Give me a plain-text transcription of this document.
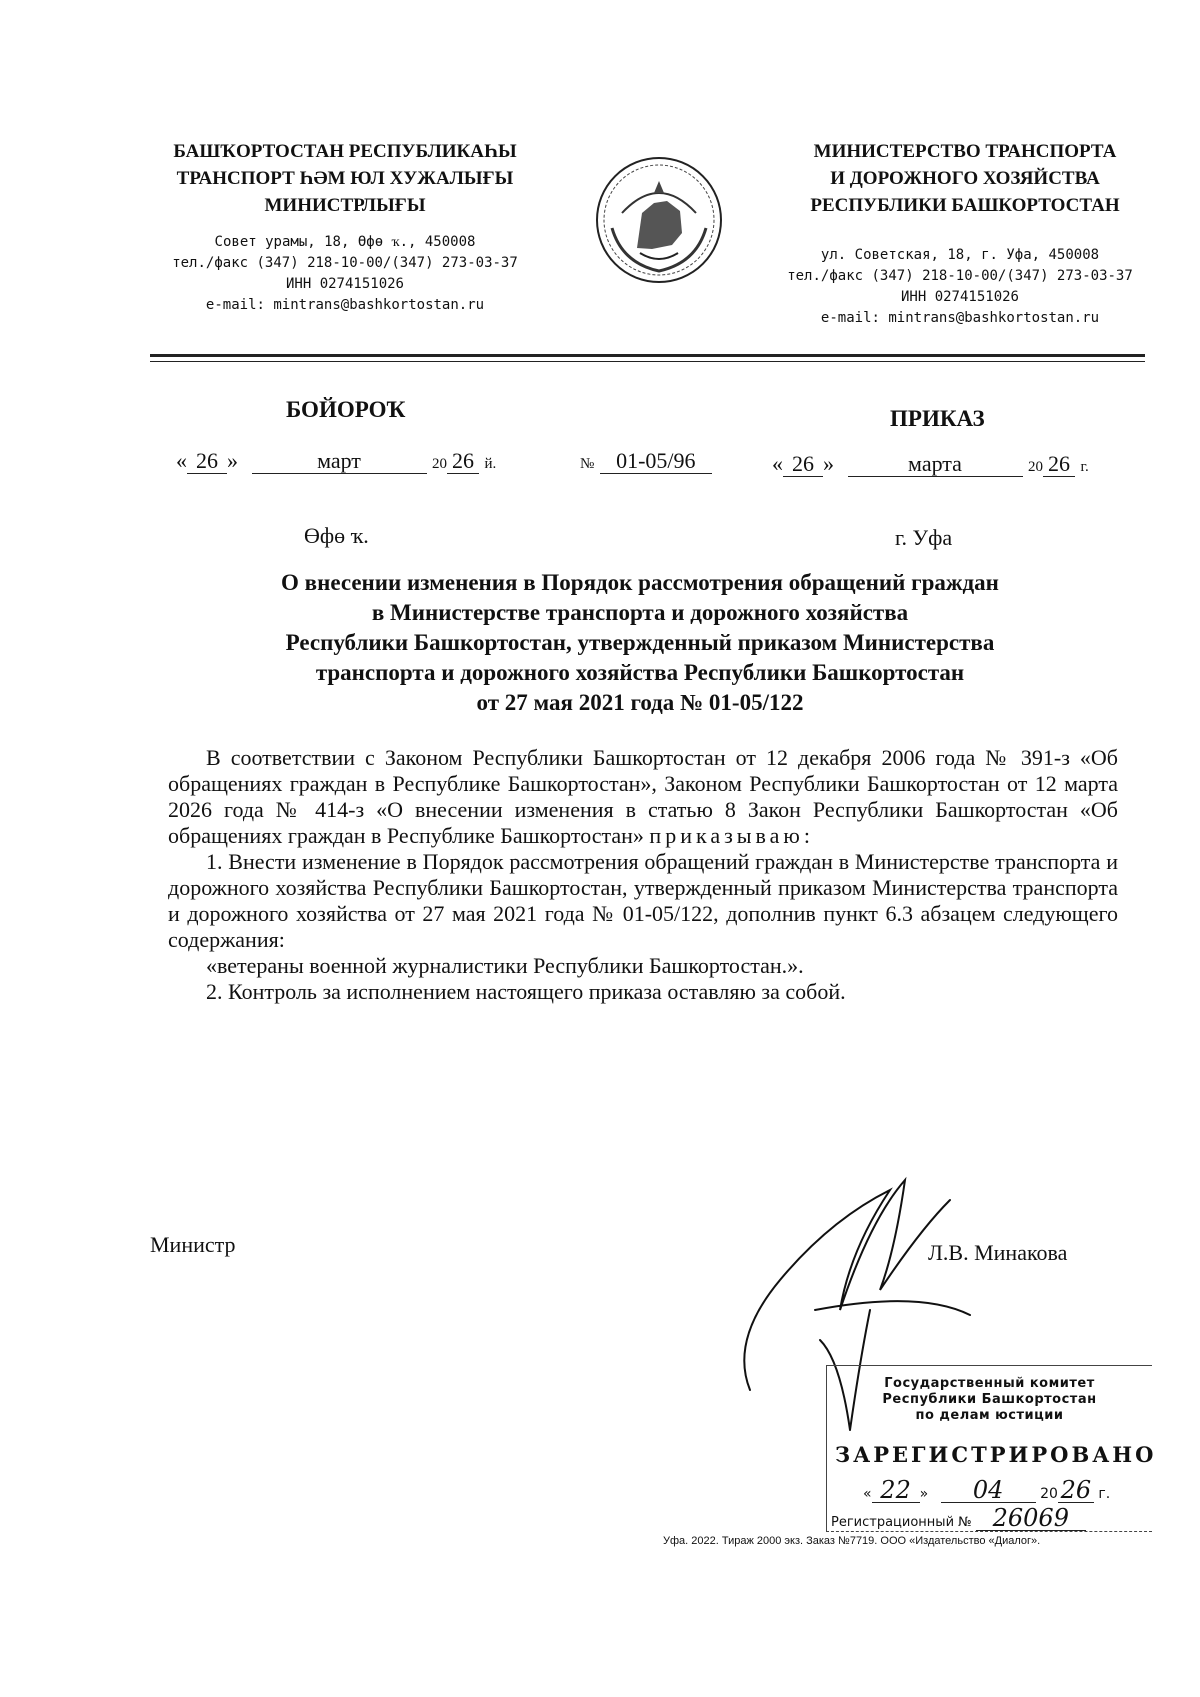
БАШҠОРТОСТАН РЕСПУБЛИКАҺЫ
ТРАНСПОРТ ҺӘМ ЮЛ ХУЖАЛЫҒЫ
МИНИСТРЛЫҒЫ
Совет урамы, 18, Өфө ҡ., 450008
тел./факс (347) 218-10-00/(347) 273-03-37
ИНН 0274151026
e-mail: mintrans@bashkortostan.ru
МИНИСТЕРСТВО ТРАНСПОРТА
И ДОРОЖНОГО ХОЗЯЙСТВА
РЕСПУБЛИКИ БАШКОРТОСТАН
ул. Советская, 18, г. Уфа, 450008
тел./факс (347) 218-10-00/(347) 273-03-37
ИНН 0274151026
e-mail: mintrans@bashkortostan.ru
БОЙОРОҠ	ПРИКАЗ
« 26 »	март	20 26 й.	№ 01-05/96	« 26 »	марта	20 26 г.
Өфө ҡ.	г. Уфа
О внесении изменения в Порядок рассмотрения обращений граждан
в Министерстве транспорта и дорожного хозяйства
Республики Башкортостан, утвержденный приказом Министерства
транспорта и дорожного хозяйства Республики Башкортостан
от 27 мая 2021 года № 01-05/122

В соответствии с Законом Республики Башкортостан от 12 декабря 2006 года № 391-з «Об обращениях граждан в Республике Башкортостан», Законом Республики Башкортостан от 12 марта 2026 года № 414-з «О внесении изменения в статью 8 Закон Республики Башкортостан «Об обращениях граждан в Республике Башкортостан» приказываю:

1. Внести изменение в Порядок рассмотрения обращений граждан в Министерстве транспорта и дорожного хозяйства Республики Башкортостан, утвержденный приказом Министерства транспорта и дорожного хозяйства от 27 мая 2021 года № 01-05/122, дополнив пункт 6.3 абзацем следующего содержания:

«ветераны военной журналистики Республики Башкортостан.».

2. Контроль за исполнением настоящего приказа оставляю за собой.

Министр	Л.В. Минакова
Государственный комитет
Республики Башкортостан
по делам юстиции
ЗАРЕГИСТРИРОВАНО
« 22 » 04	20 26 г.
Регистрационный № 26069
Уфа. 2022. Тираж 2000 экз. Заказ №7719. ООО «Издательство «Диалог».
